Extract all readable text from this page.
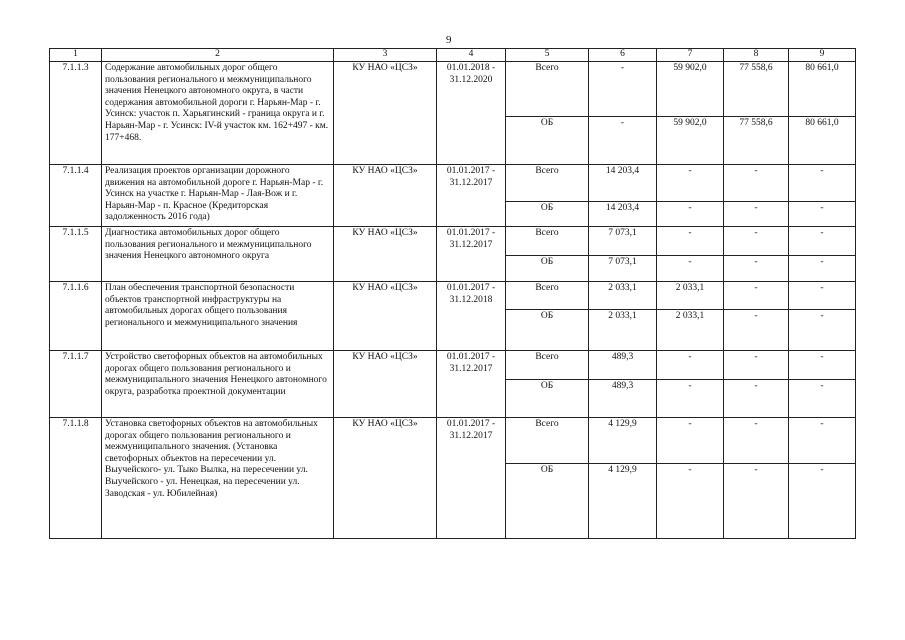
9
1	2	3	4	5	6	7	8	9
7.1.1.3	Содержание автомобильных дорог общего пользования регионального и межмуниципального значения Ненецкого автономного округа, в части содержания автомобильной дороги г. Нарьян-Мар - г. Усинск: участок п. Харьягинский - граница округа и г. Нарьян-Мар - г. Усинск: IV-й участок км. 162+497 - км. 177+468.	КУ НАО «ЦСЗ»	01.01.2018 - 31.12.2020	Всего	-	59 902,0	77 558,6	80 661,0
				ОБ	-	59 902,0	77 558,6	80 661,0
7.1.1.4	Реализация проектов организации дорожного движения на автомобильной дороге г. Нарьян-Мар - г. Усинск на участке г. Нарьян-Мар - Лая-Вож и г. Нарьян-Мар - п. Красное (Кредиторская задолженность 2016 года)	КУ НАО «ЦСЗ»	01.01.2017 - 31.12.2017	Всего	14 203,4	-	-	-
				ОБ	14 203,4	-	-	-
7.1.1.5	Диагностика автомобильных дорог общего пользования регионального и межмуниципального значения Ненецкого автономного округа	КУ НАО «ЦСЗ»	01.01.2017 - 31.12.2017	Всего	7 073,1	-	-	-
				ОБ	7 073,1	-	-	-
7.1.1.6	План обеспечения транспортной безопасности объектов транспортной инфраструктуры на автомобильных дорогах общего пользования регионального и межмуниципального значения	КУ НАО «ЦСЗ»	01.01.2017 - 31.12.2018	Всего	2 033,1	2 033,1	-	-
				ОБ	2 033,1	2 033,1	-	-
7.1.1.7	Устройство светофорных объектов на автомобильных дорогах общего пользования регионального и межмуниципального значения Ненецкого автономного округа, разработка проектной документации	КУ НАО «ЦСЗ»	01.01.2017 - 31.12.2017	Всего	489,3	-	-	-
				ОБ	489,3	-	-	-
7.1.1.8	Установка светофорных объектов на автомобильных дорогах общего пользования регионального и межмуниципального значения. (Установка светофорных объектов на пересечении ул. Выучейского- ул. Тыко Вылка, на пересечении ул. Выучейского - ул. Ненецкая, на пересечении ул. Заводская - ул. Юбилейная)	КУ НАО «ЦСЗ»	01.01.2017 - 31.12.2017	Всего	4 129,9	-	-	-
				ОБ	4 129,9	-	-	-
